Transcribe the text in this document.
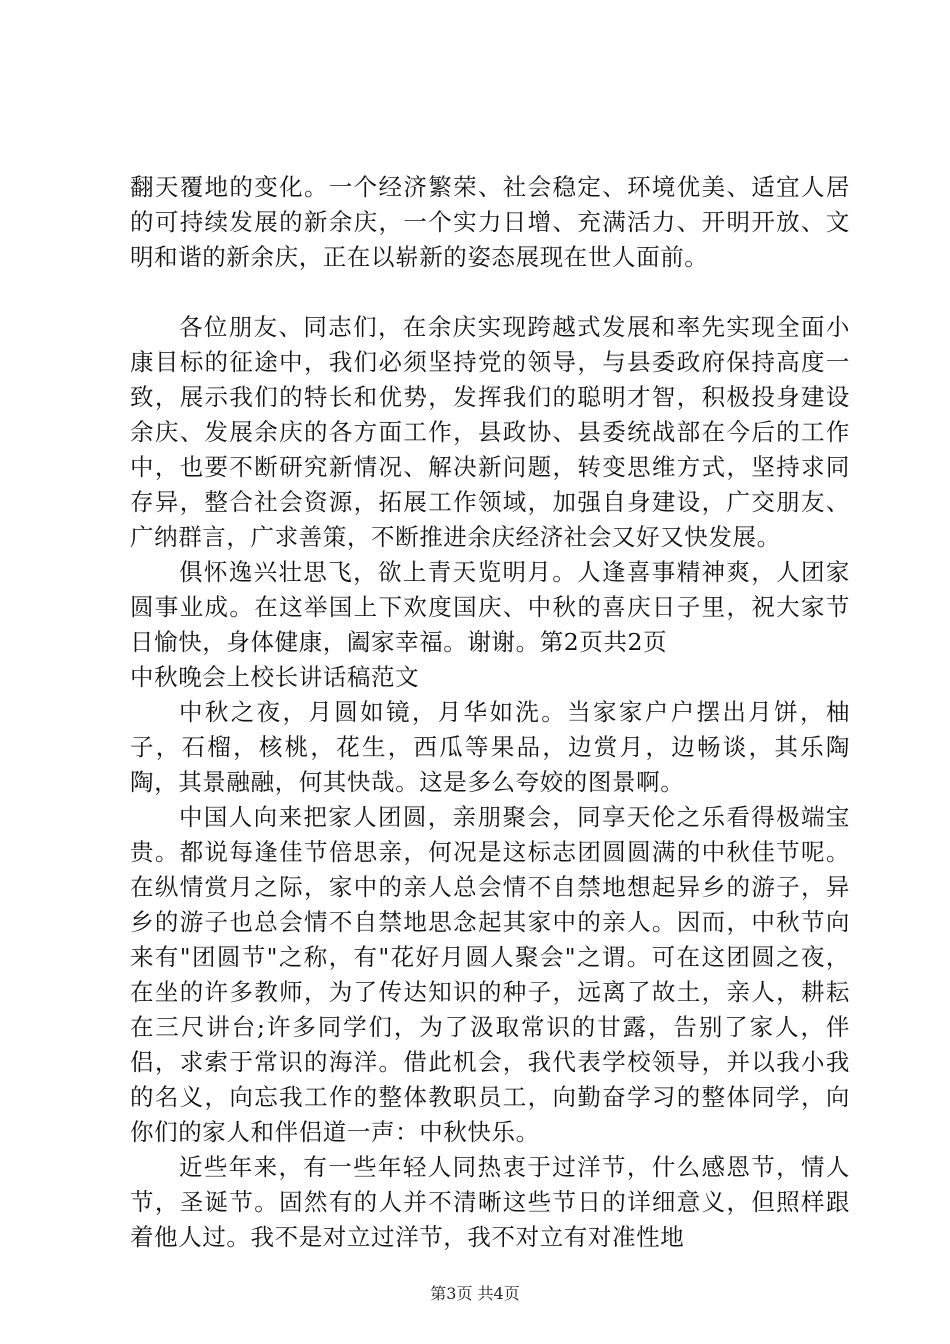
翻天覆地的变化。一个经济繁荣、社会稳定、环境优美、适宜人居的可持续发展的新余庆，一个实力日增、充满活力、开明开放、文明和谐的新余庆，正在以崭新的姿态展现在世人面前。

各位朋友、同志们，在余庆实现跨越式发展和率先实现全面小康目标的征途中，我们必须坚持党的领导，与县委政府保持高度一致，展示我们的特长和优势，发挥我们的聪明才智，积极投身建设余庆、发展余庆的各方面工作，县政协、县委统战部在今后的工作中，也要不断研究新情况、解决新问题，转变思维方式，坚持求同存异，整合社会资源，拓展工作领域，加强自身建设，广交朋友、广纳群言，广求善策，不断推进余庆经济社会又好又快发展。

俱怀逸兴壮思飞，欲上青天览明月。人逢喜事精神爽，人团家圆事业成。在这举国上下欢度国庆、中秋的喜庆日子里，祝大家节日愉快，身体健康，阖家幸福。谢谢。第2页共2页

中秋晚会上校长讲话稿范文

中秋之夜，月圆如镜，月华如洗。当家家户户摆出月饼，柚子，石榴，核桃，花生，西瓜等果品，边赏月，边畅谈，其乐陶陶，其景融融，何其快哉。这是多么夸姣的图景啊。

中国人向来把家人团圆，亲朋聚会，同享天伦之乐看得极端宝贵。都说每逢佳节倍思亲，何况是这标志团圆圆满的中秋佳节呢。在纵情赏月之际，家中的亲人总会情不自禁地想起异乡的游子，异乡的游子也总会情不自禁地思念起其家中的亲人。因而，中秋节向来有"团圆节"之称，有"花好月圆人聚会"之谓。可在这团圆之夜，在坐的许多教师，为了传达知识的种子，远离了故土，亲人，耕耘在三尺讲台;许多同学们，为了汲取常识的甘露，告别了家人，伴侣，求索于常识的海洋。借此机会，我代表学校领导，并以我小我的名义，向忘我工作的整体教职员工，向勤奋学习的整体同学，向你们的家人和伴侣道一声：中秋快乐。

近些年来，有一些年轻人同热衷于过洋节，什么感恩节，情人节，圣诞节。固然有的人并不清晰这些节日的详细意义，但照样跟着他人过。我不是对立过洋节，我不对立有对准性地

第3页 共4页
